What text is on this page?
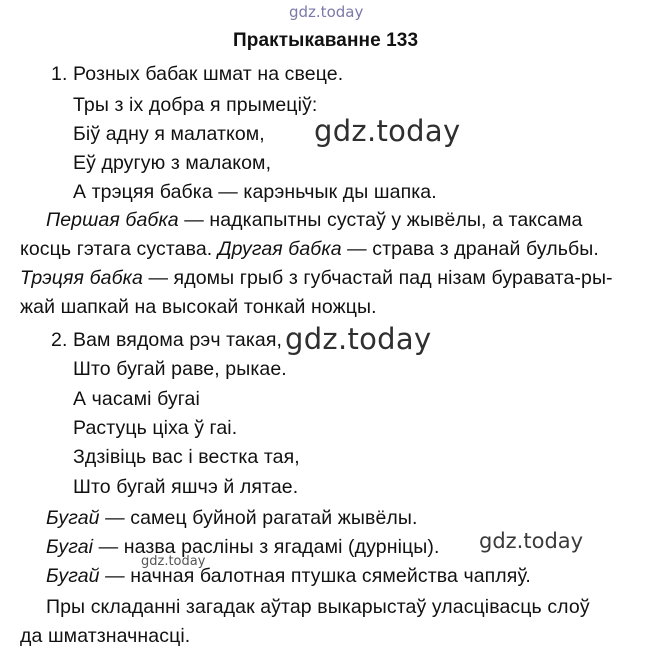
gdz.today
Практыкаванне 133
1. Розных бабак шмат на свеце.
Тры з іх добра я прымеціў:
Біў адну я малатком, gdz.today
Еў другую з малаком,
А трэцяя бабка — карэньчык ды шапка.
Першая бабка — надкапытны сустаў у жывёлы, а таксама
косць гэтага сустава. Другая бабка — страва з дранай бульбы.
Трэцяя бабка — ядомы грыб з губчастай пад нізам буравата-ры-
жай шапкай на высокай тонкай ножцы.
2. Вам вядома рэч такая, gdz.today
Што бугай раве, рыкае.
А часамі бугаі
Растуць ціха ў гаі.
Здзівіць вас і вестка тая,
Што бугай яшчэ й лятае.
Бугай — самец буйной рагатай жывёлы.
Бугаі — назва расліны з ягадамі (дурніцы). gdz.today
gdz.today
Бугай — начная балотная птушка сямейства чапляў.
Пры складанні загадак аўтар выкарыстаў уласцівасць слоў
да шматзначнасці.
